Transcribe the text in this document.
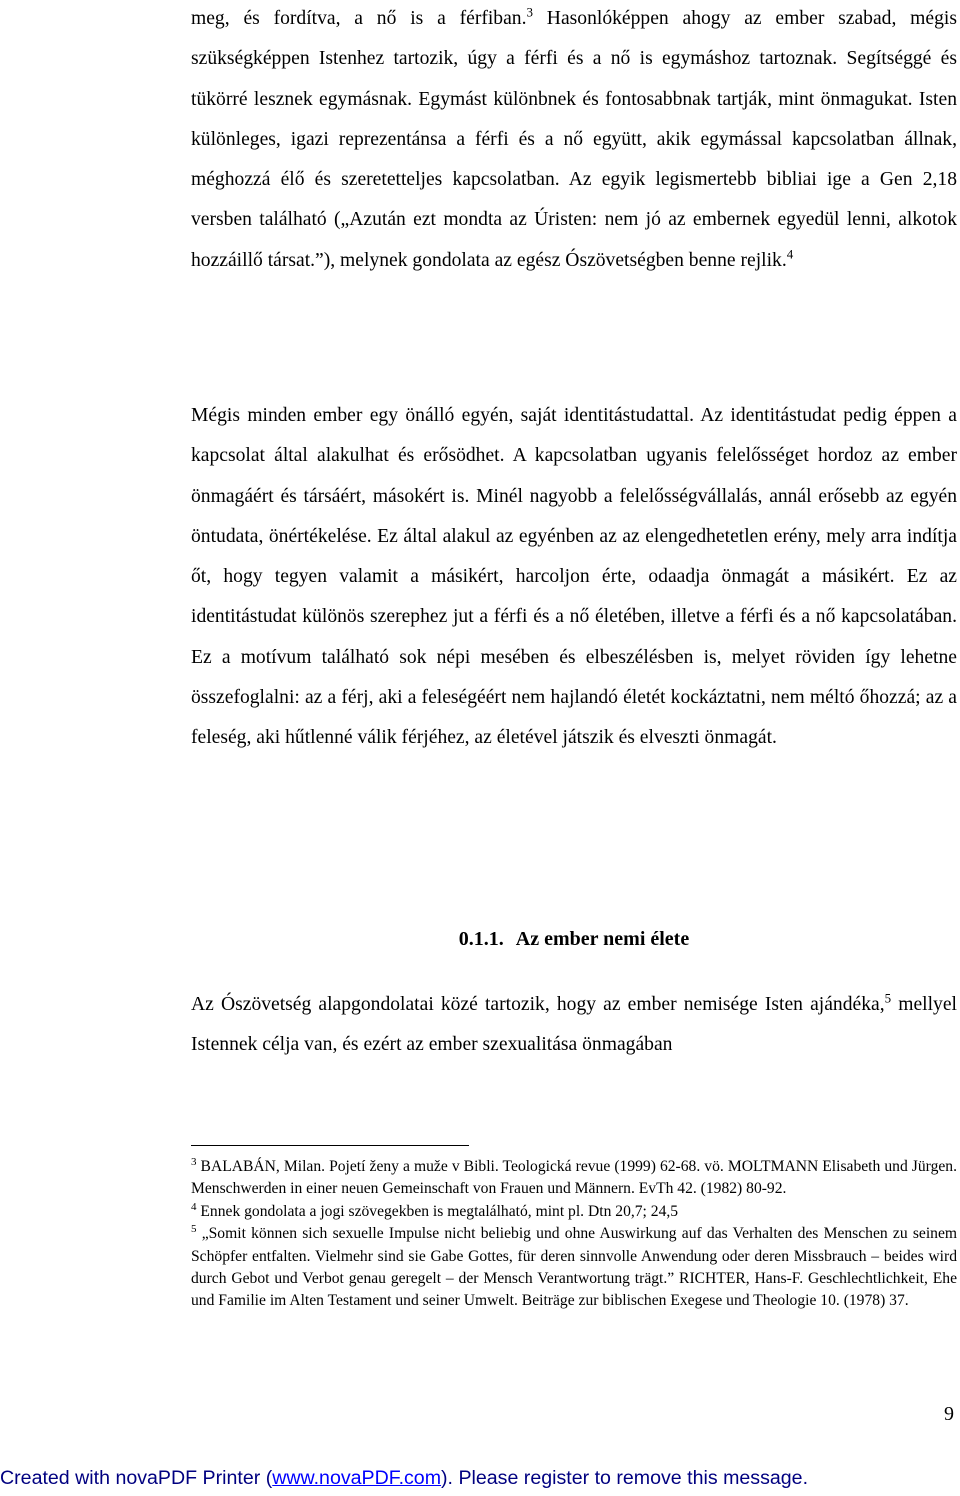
meg, és fordítva, a nő is a férfiban.$^3$ Hasonlóképpen ahogy az ember szabad, mégis szükségképpen Istenhez tartozik, úgy a férfi és a nő is egymáshoz tartoznak. Segítséggé és tükörré lesznek egymásnak. Egymást különbnek és fontosabbnak tartják, mint önmagukat. Isten különleges, igazi reprezentánsa a férfi és a nő együtt, akik egymással kapcsolatban állnak, méghozzá élő és szeretetteljes kapcsolatban. Az egyik legismertebb bibliai ige a Gen 2,18 versben található („Azután ezt mondta az Úristen: nem jó az embernek egyedül lenni, alkotok hozzáillő társat.”), melynek gondolata az egész Ószövetségben benne rejlik.$^4$

Mégis minden ember egy önálló egyén, saját identitástudattal. Az identitástudat pedig éppen a kapcsolat által alakulhat és erősödhet. A kapcsolatban ugyanis felelősséget hordoz az ember önmagáért és társáért, másokért is. Minél nagyobb a felelősségvállalás, annál erősebb az egyén öntudata, önértékelése. Ez által alakul az egyénben az az elengedhetetlen erény, mely arra indítja őt, hogy tegyen valamit a másikért, harcoljon érte, odaadja önmagát a másikért. Ez az identitástudat különös szerephez jut a férfi és a nő életében, illetve a férfi és a nő kapcsolatában. Ez a motívum található sok népi mesében és elbeszélésben is, melyet röviden így lehetne összefoglalni: az a férj, aki a feleségéért nem hajlandó életét kockáztatni, nem méltó őhozzá; az a feleség, aki hűtlenné válik férjéhez, az életével játszik és elveszti önmagát.

0.1.1. Az ember nemi élete

Az Ószövetség alapgondolatai közé tartozik, hogy az ember nemisége Isten ajándéka,$^5$ mellyel Istennek célja van, és ezért az ember szexualitása önmagában

$^3$ BALABÁN, Milan. Pojetí ženy a muže v Bibli. Teologická revue (1999) 62-68. vö. MOLTMANN Elisabeth und Jürgen. Menschwerden in einer neuen Gemeinschaft von Frauen und Männern. EvTh 42. (1982) 80-92.

$^4$ Ennek gondolata a jogi szövegekben is megtalálható, mint pl. Dtn 20,7; 24,5

$^5$ „Somit können sich sexuelle Impulse nicht beliebig und ohne Auswirkung auf das Verhalten des Menschen zu seinem Schöpfer entfalten. Vielmehr sind sie Gabe Gottes, für deren sinnvolle Anwendung oder deren Missbrauch – beides wird durch Gebot und Verbot genau geregelt – der Mensch Verantwortung trägt.” RICHTER, Hans-F. Geschlechtlichkeit, Ehe und Familie im Alten Testament und seiner Umwelt. Beiträge zur biblischen Exegese und Theologie 10. (1978) 37.

9
Created with novaPDF Printer (www.novaPDF.com). Please register to remove this message.
